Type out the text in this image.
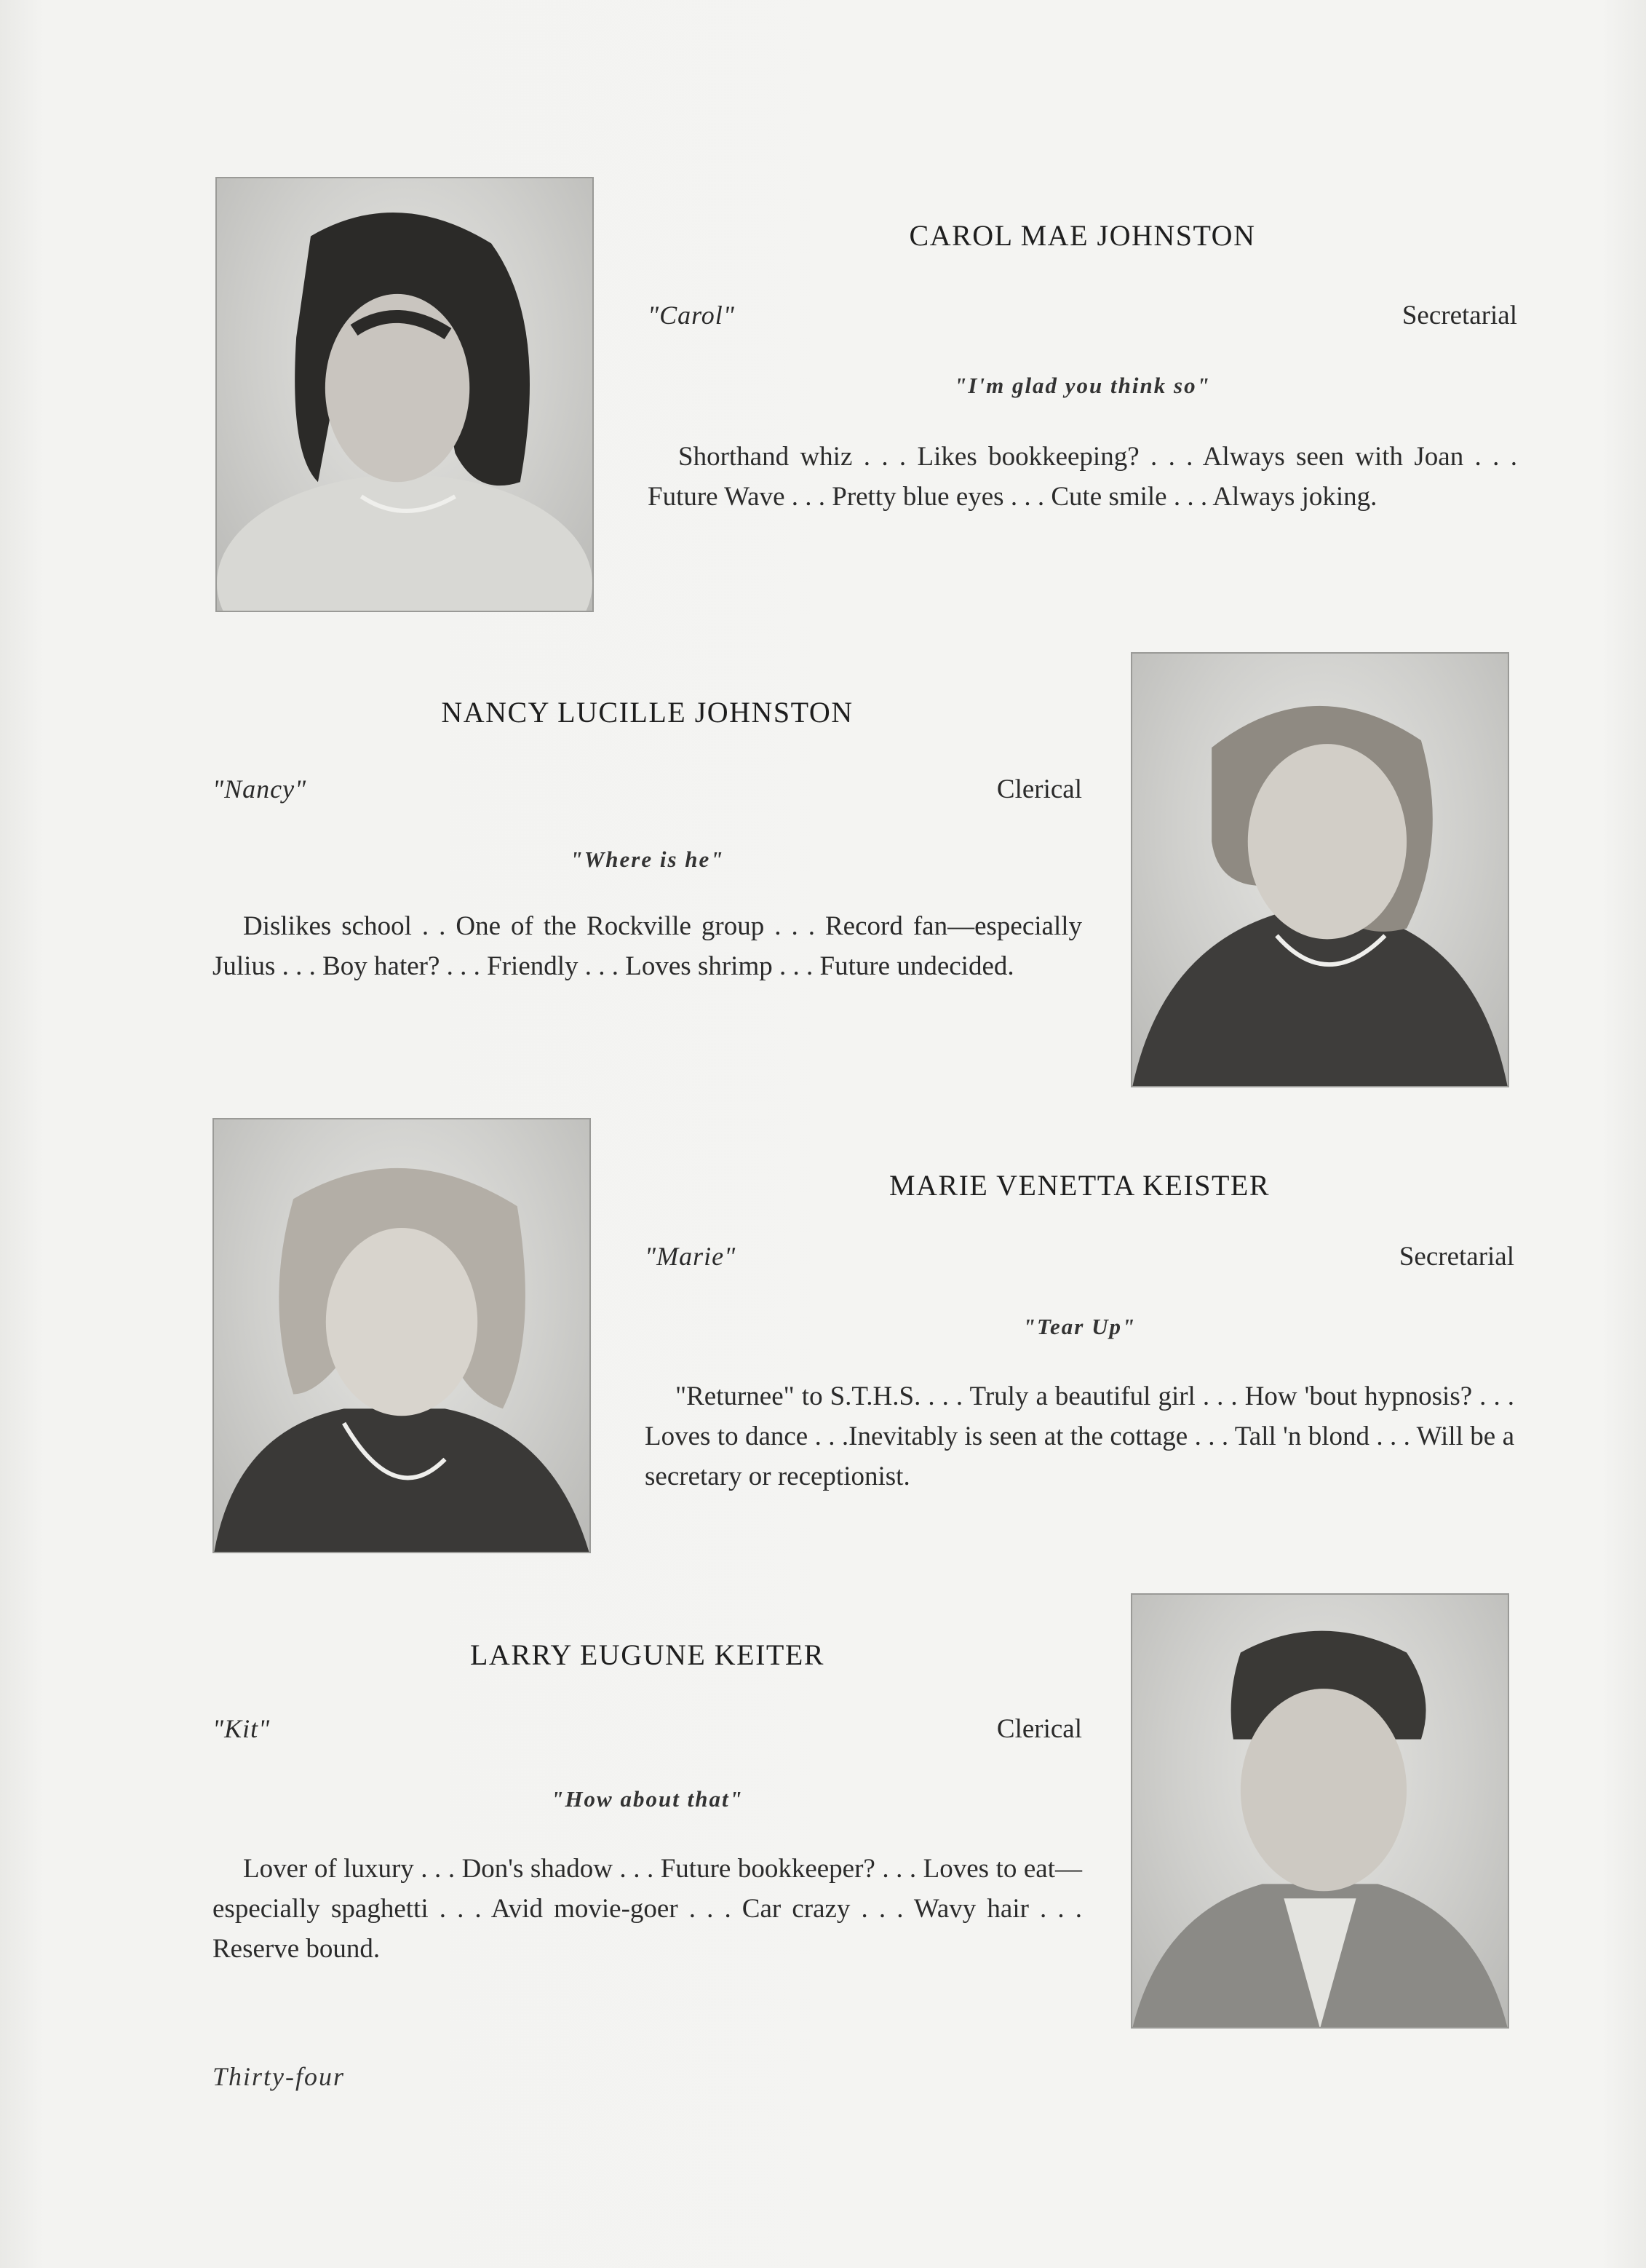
CAROL MAE JOHNSTON
"Carol"	Secretarial
"I'm glad you think so"
Shorthand whiz . . . Likes bookkeeping? . . . Always seen with Joan . . . Future Wave . . . Pretty blue eyes . . . Cute smile . . . Always joking.
NANCY LUCILLE JOHNSTON
"Nancy"	Clerical
"Where is he"
Dislikes school . . One of the Rockville group . . . Record fan—especially Julius . . . Boy hater? . . . Friendly . . . Loves shrimp . . . Future undecided.
MARIE VENETTA KEISTER
"Marie"	Secretarial
"Tear Up"
"Returnee" to S.T.H.S. . . . Truly a beautiful girl . . . How 'bout hypnosis? . . . Loves to dance . . .Inevitably is seen at the cottage . . . Tall 'n blond . . . Will be a secretary or receptionist.
LARRY EUGUNE KEITER
"Kit"	Clerical
"How about that"
Lover of luxury . . . Don's shadow . . . Future bookkeeper? . . . Loves to eat—especially spaghetti . . . Avid movie-goer . . . Car crazy . . . Wavy hair . . . Reserve bound.
Thirty-four
